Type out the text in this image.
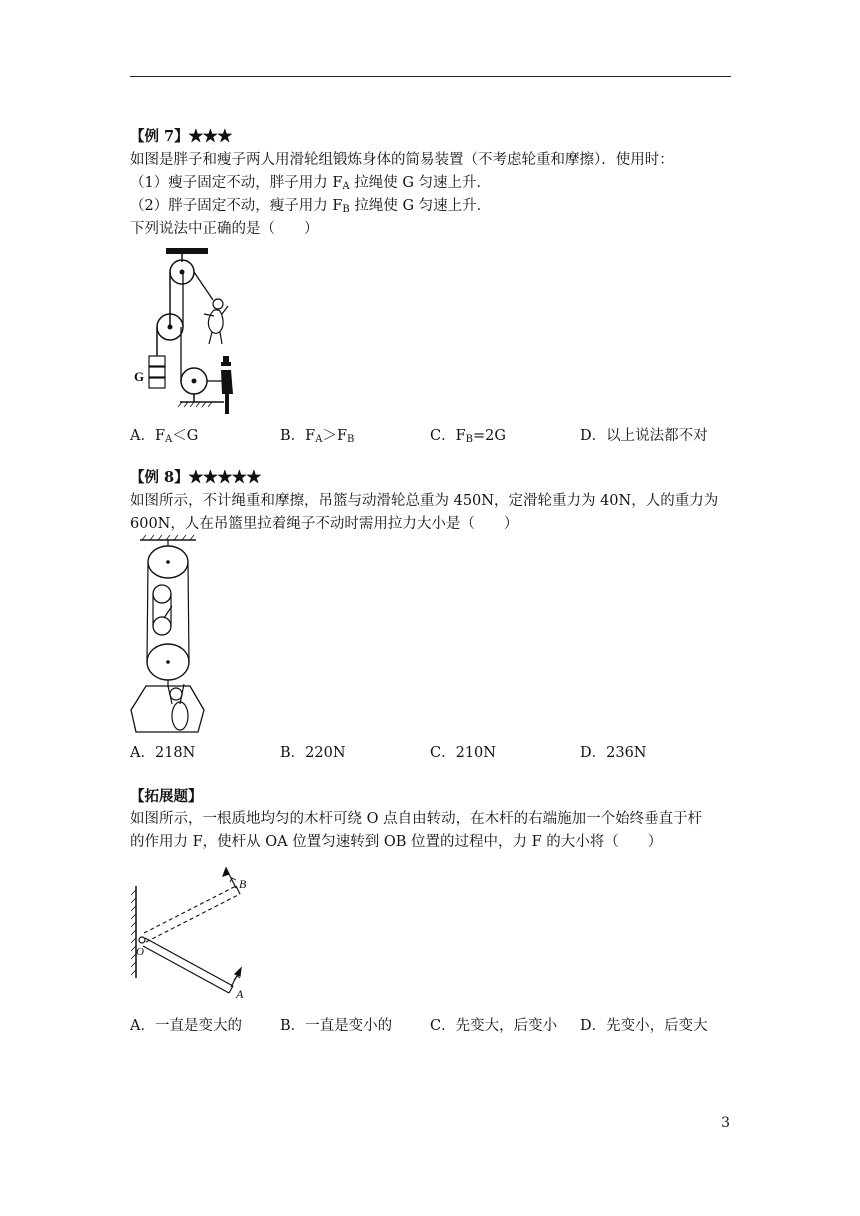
【例 7】★★★
如图是胖子和瘦子两人用滑轮组锻炼身体的简易装置（不考虑轮重和摩擦）．使用时：
（1）瘦子固定不动，胖子用力 $F_A$ 拉绳使 G 匀速上升．
（2）胖子固定不动，瘦子用力 $F_B$ 拉绳使 G 匀速上升．
下列说法中正确的是（　　）
G
A．$F_A<G$	B．$F_A>F_B$	C．$F_B=2G$	D．以上说法都不对
【例 8】★★★★★
如图所示，不计绳重和摩擦，吊篮与动滑轮总重为 450N，定滑轮重力为 40N，人的重力为
600N，人在吊篮里拉着绳子不动时需用拉力大小是（　　）
A．218N	B．220N	C．210N	D．236N
【拓展题】
如图所示，一根质地均匀的木杆可绕 O 点自由转动，在木杆的右端施加一个始终垂直于杆
的作用力 F，使杆从 OA 位置匀速转到 OB 位置的过程中，力 F 的大小将（　　）
O
A
B
A．一直是变大的	B．一直是变小的	C．先变大，后变小 D．先变小，后变大
3
